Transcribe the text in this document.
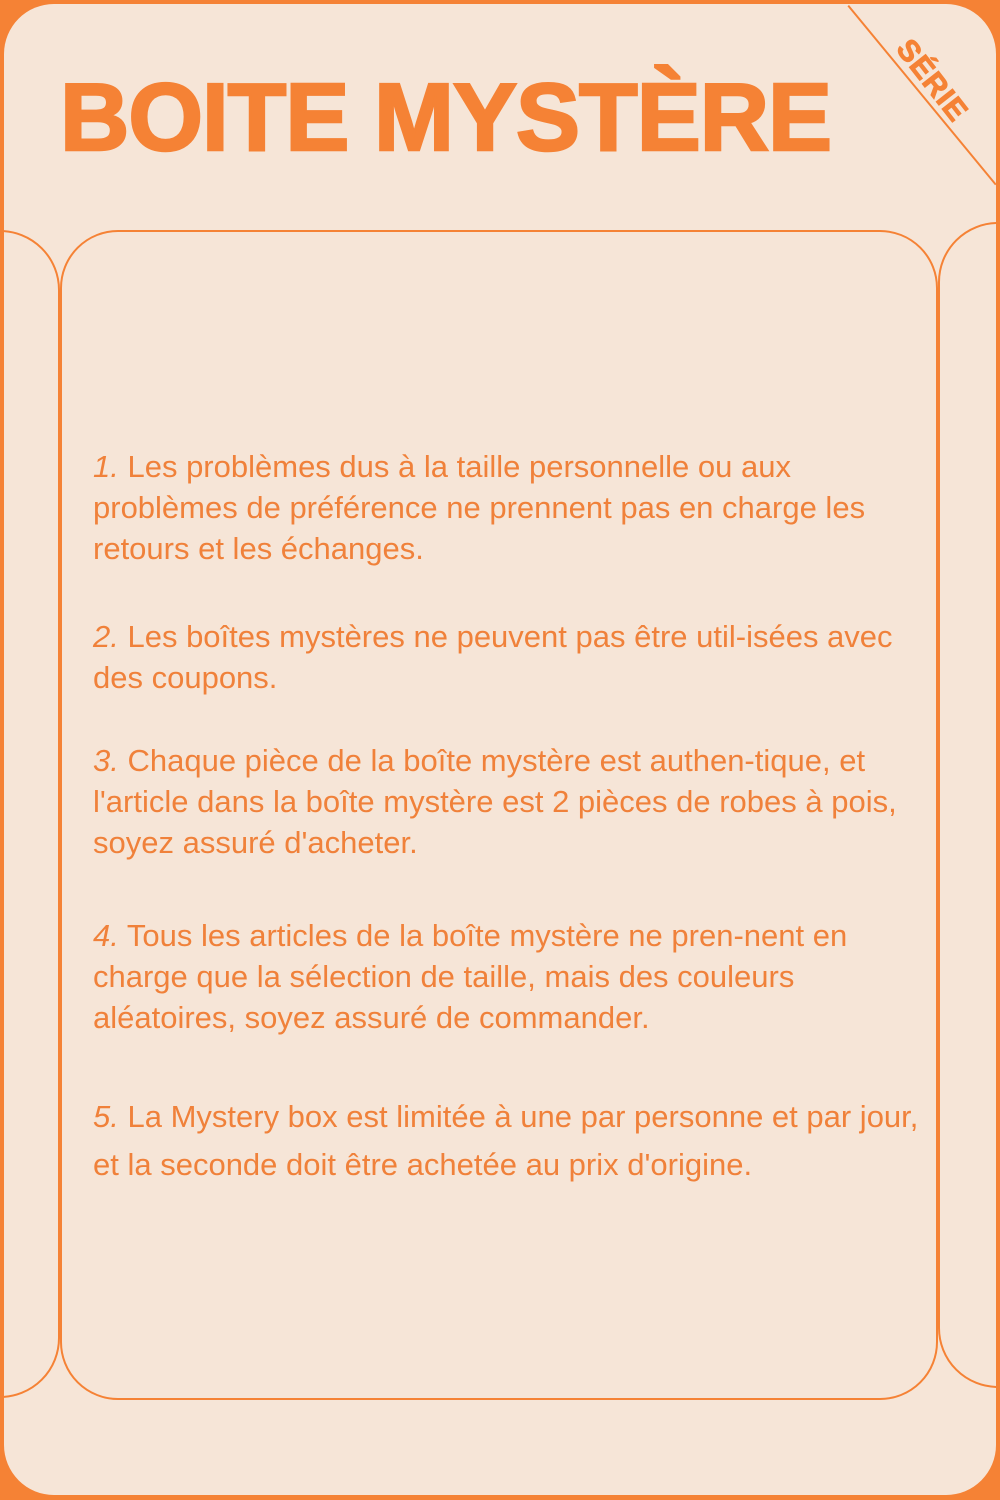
BOITE MYSTÈRE SÉRIE
1. Les problèmes dus à la taille personnelle ou aux problèmes de préférence ne prennent pas en charge les retours et les échanges.
2. Les boîtes mystères ne peuvent pas être util-isées avec des coupons.
3. Chaque pièce de la boîte mystère est authen-tique, et l'article dans la boîte mystère est 2 pièces de robes à pois, soyez assuré d'acheter.
4. Tous les articles de la boîte mystère ne pren-nent en charge que la sélection de taille, mais des couleurs aléatoires, soyez assuré de commander.
5. La Mystery box est limitée à une par personne et par jour, et la seconde doit être achetée au prix d'origine.
